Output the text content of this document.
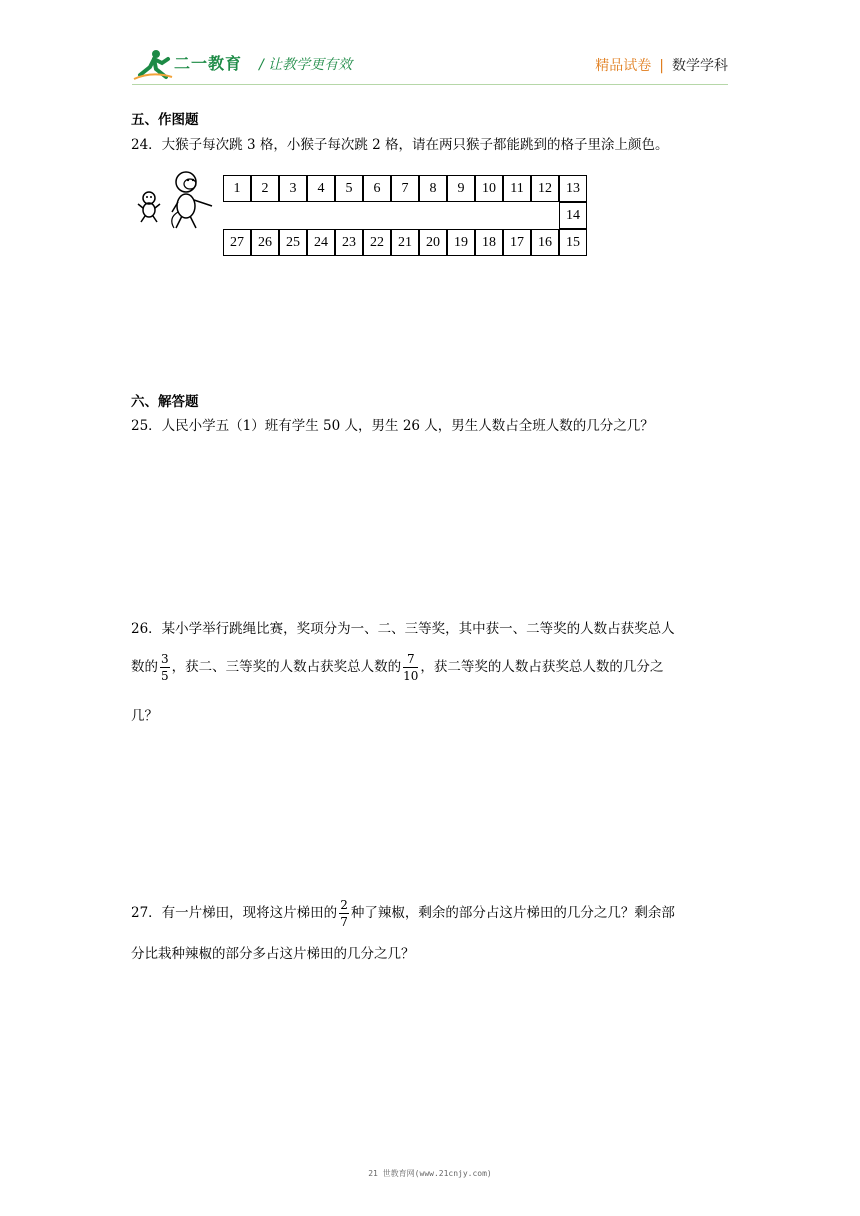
二一教育 / 让教学更有效	精品试卷 | 数学学科
五、作图题
24．大猴子每次跳 3 格，小猴子每次跳 2 格，请在两只猴子都能跳到的格子里涂上颜色。
1	2	3	4	5	6	7	8	9	10	11	12	13
14
27	26	25	24	23	22	21	20	19	18	17	16	15
六、解答题
25．人民小学五（1）班有学生 50 人，男生 26 人，男生人数占全班人数的几分之几？
26．某小学举行跳绳比赛，奖项分为一、二、三等奖，其中获一、二等奖的人数占获奖总人
数的 $\frac{3}{5}$ ，获二、三等奖的人数占获奖总人数的 $\frac{7}{10}$ ，获二等奖的人数占获奖总人数的几分之
几？
27．有一片梯田，现将这片梯田的 $\frac{2}{7}$ 种了辣椒，剩余的部分占这片梯田的几分之几？剩余部
分比栽种辣椒的部分多占这片梯田的几分之几？
21 世教育网(www.21cnjy.com)
